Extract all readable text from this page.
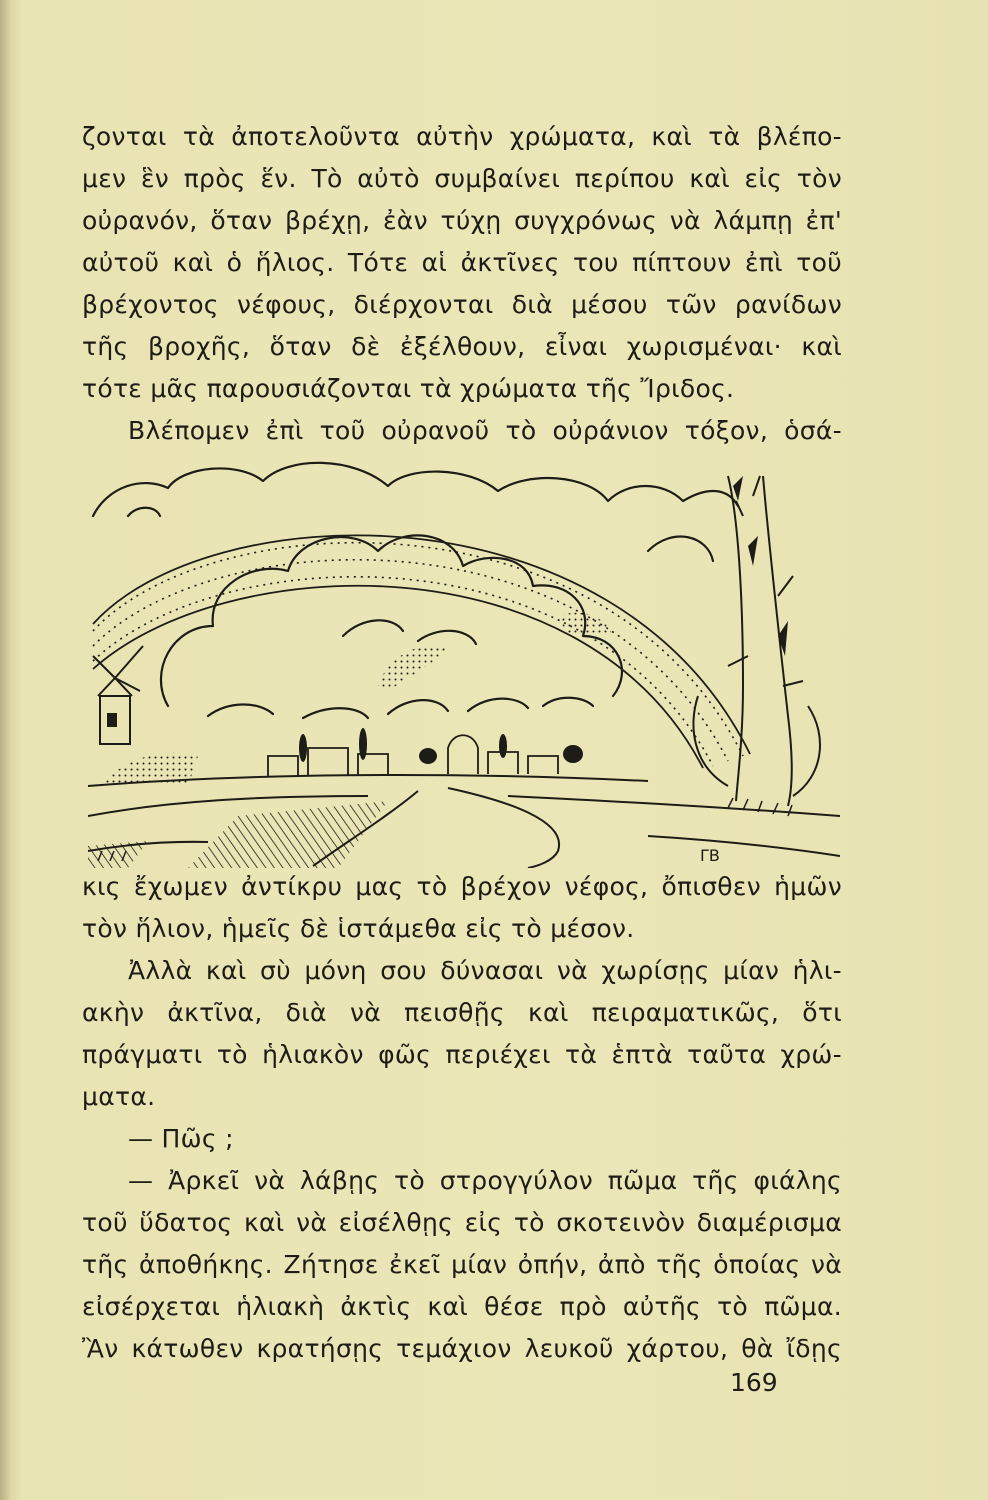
ζονται τὰ ἀποτελοῦντα αὐτὴν χρώματα, καὶ τὰ βλέπο-
μεν ἓν πρὸς ἕν. Τὸ αὐτὸ συμβαίνει περίπου καὶ εἰς τὸν
οὐρανόν, ὅταν βρέχῃ, ἐὰν τύχῃ συγχρόνως νὰ λάμπῃ ἐπ'
αὐτοῦ καὶ ὁ ἥλιος. Τότε αἱ ἀκτῖνες του πίπτουν ἐπὶ τοῦ
βρέχοντος νέφους, διέρχονται διὰ μέσου τῶν ρανίδων
τῆς βροχῆς, ὅταν δὲ ἐξέλθουν, εἶναι χωρισμέναι· καὶ
τότε μᾶς παρουσιάζονται τὰ χρώματα τῆς Ἴριδος.
Βλέπομεν ἐπὶ τοῦ οὐρανοῦ τὸ οὐράνιον τόξον, ὁσά-
ΓΒ
κις ἔχωμεν ἀντίκρυ μας τὸ βρέχον νέφος, ὄπισθεν ἡμῶν
τὸν ἥλιον, ἡμεῖς δὲ ἱστάμεθα εἰς τὸ μέσον.
Ἀλλὰ καὶ σὺ μόνη σου δύνασαι νὰ χωρίσῃς μίαν ἡλι-
ακὴν ἀκτῖνα, διὰ νὰ πεισθῇς καὶ πειραματικῶς, ὅτι
πράγματι τὸ ἡλιακὸν φῶς περιέχει τὰ ἑπτὰ ταῦτα χρώ-
ματα.
— Πῶς ;
— Ἀρκεῖ νὰ λάβῃς τὸ στρογγύλον πῶμα τῆς φιάλης
τοῦ ὕδατος καὶ νὰ εἰσέλθῃς εἰς τὸ σκοτεινὸν διαμέρισμα
τῆς ἀποθήκης. Ζήτησε ἐκεῖ μίαν ὀπήν, ἀπὸ τῆς ὁποίας νὰ
εἰσέρχεται ἡλιακὴ ἀκτὶς καὶ θέσε πρὸ αὐτῆς τὸ πῶμα.
Ἂν κάτωθεν κρατήσῃς τεμάχιον λευκοῦ χάρτου, θὰ ἴδῃς
169
